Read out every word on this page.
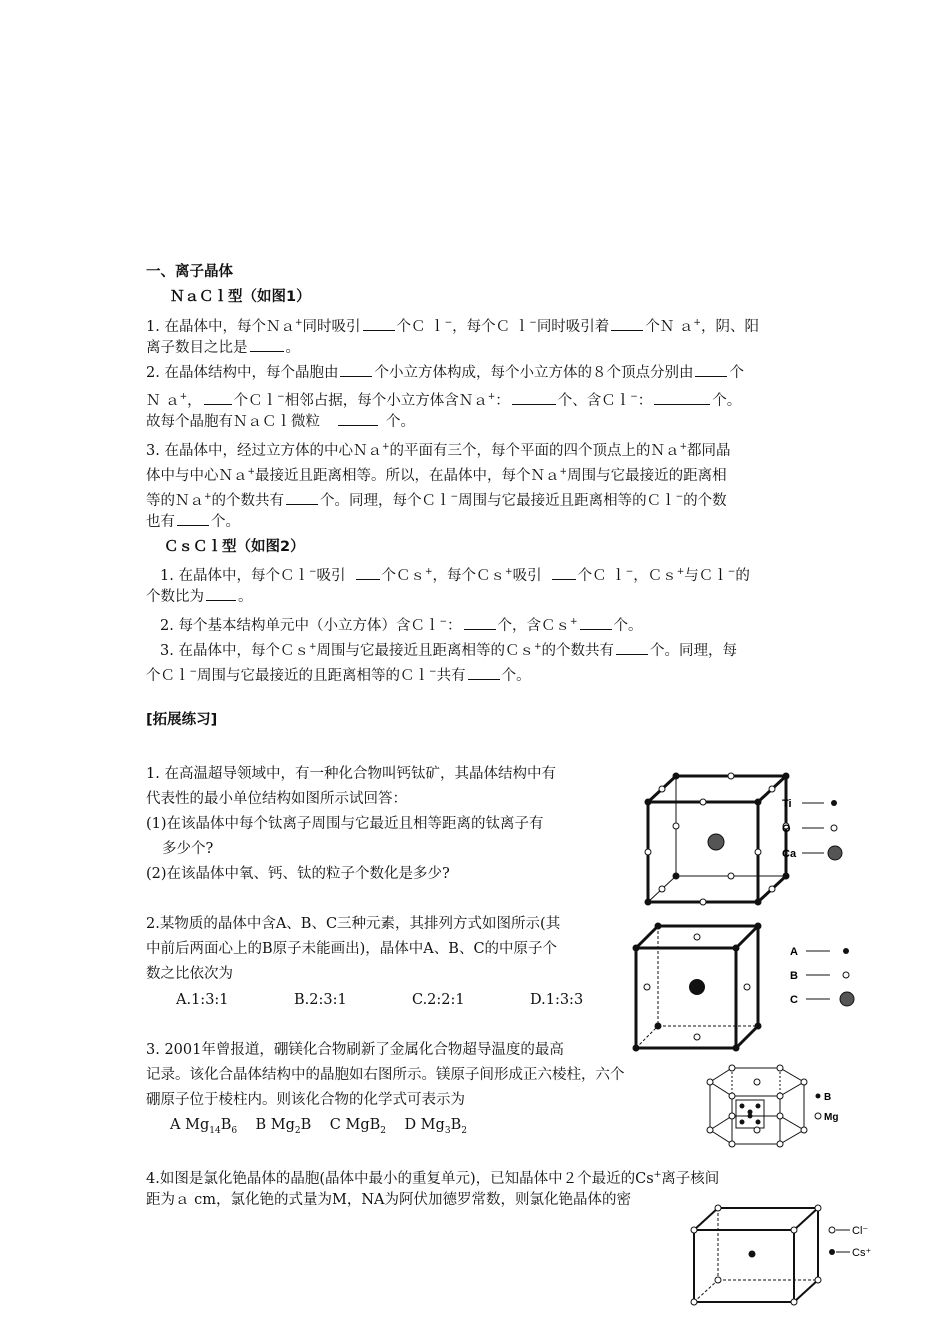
一、离子晶体
ＮａＣｌ型（如图1）
1. 在晶体中，每个Ｎａ+同时吸引 个Ｃ ｌ−，每个Ｃ ｌ−同时吸引着 个Ｎ ａ+，阴、阳
离子数目之比是	。
2. 在晶体结构中，每个晶胞由 个小立方体构成，每个小立方体的８个顶点分别由 个
Ｎ ａ+， 个Ｃｌ−相邻占据，每个小立方体含Ｎａ+：	个、含Ｃｌ−：	个。
故每个晶胞有ＮａＣｌ微粒	个。
3. 在晶体中，经过立方体的中心Ｎａ+的平面有三个，每个平面的四个顶点上的Ｎａ+都同晶
体中与中心Ｎａ+最接近且距离相等。所以，在晶体中，每个Ｎａ+周围与它最接近的距离相
等的Ｎａ+的个数共有 个。同理，每个Ｃｌ−周围与它最接近且距离相等的Ｃｌ−的个数
也有 个。
ＣｓＣｌ型（如图2）
1. 在晶体中，每个Ｃｌ−吸引 个Ｃｓ+，每个Ｃｓ+吸引 个Ｃ ｌ−，Ｃｓ+与Ｃｌ−的
个数比为 。
2. 每个基本结构单元中（小立方体）含Ｃｌ−： 个，含Ｃｓ+ 个。
3. 在晶体中，每个Ｃｓ+周围与它最接近且距离相等的Ｃｓ+的个数共有 个。同理，每
个Ｃｌ−周围与它最接近的且距离相等的Ｃｌ−共有 个。
[拓展练习]
1. 在高温超导领域中，有一种化合物叫钙钛矿，其晶体结构中有
代表性的最小单位结构如图所示试回答：
(1)在该晶体中每个钛离子周围与它最近且相等距离的钛离子有
多少个?
(2)在该晶体中氧、钙、钛的粒子个数化是多少?
2.某物质的晶体中含A、B、C三种元素，其排列方式如图所示(其
中前后两面心上的B原子未能画出)，晶体中A、B、C的中原子个
数之比依次为
A.1:3:1	B.2:3:1	C.2:2:1	D.1:3:3
3. 2001年曾报道，硼镁化合物刷新了金属化合物超导温度的最高
记录。该化合晶体结构中的晶胞如右图所示。镁原子间形成正六棱柱，六个
硼原子位于棱柱内。则该化合物的化学式可表示为
A $Mg_{14}B_6$ B $Mg_2B$    C MgB$_2$ D $Mg_3B_2$
4.如图是氯化铯晶体的晶胞(晶体中最小的重复单元)，已知晶体中２个最近的Cs+离子核间
距为ａ cm，氯化铯的式量为M，NA为阿伏加德罗常数，则氯化铯晶体的密
Ti
O
Ca
A
B
C
B
Mg
Cl⁻
Cs⁺
